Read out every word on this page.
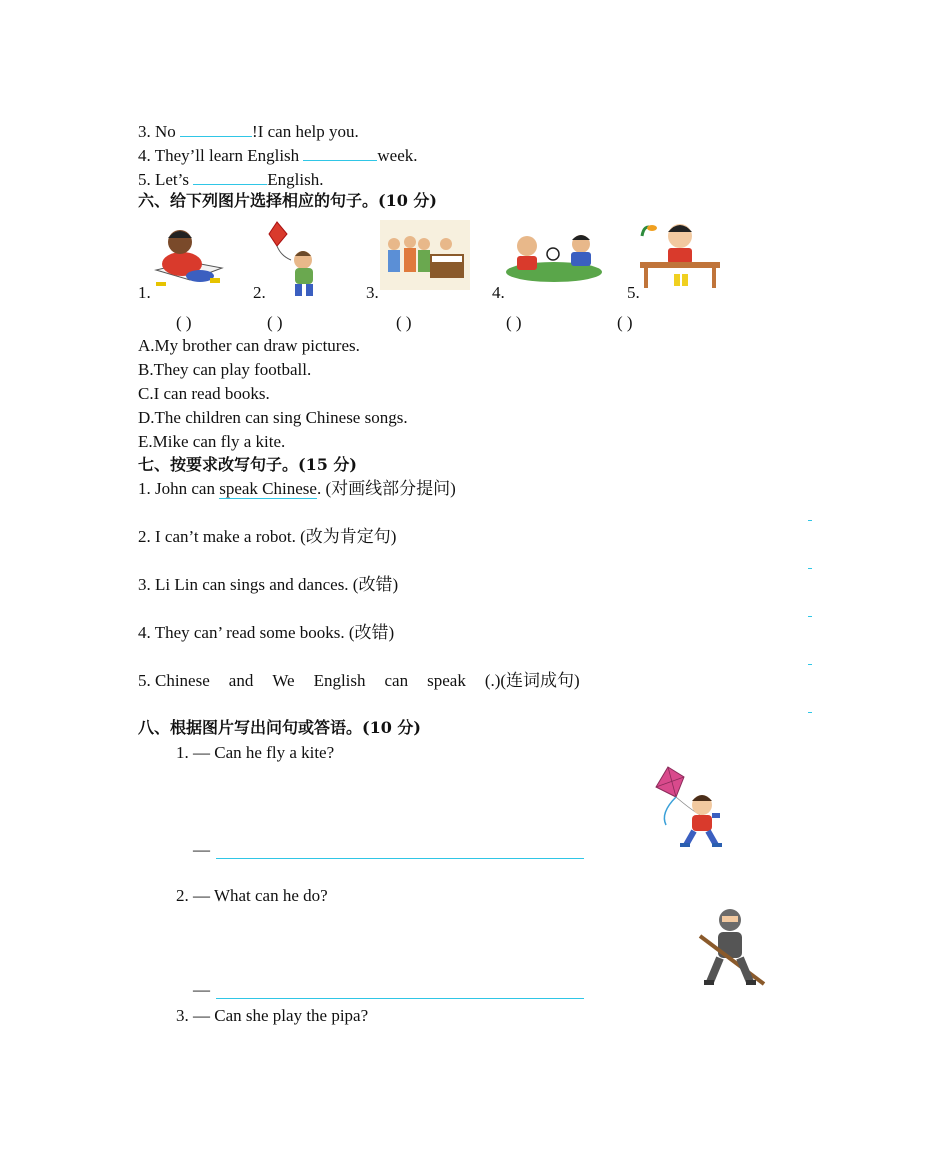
3. No	!I can help you.
4. They’ll learn English	week.
5. Let’s	English.
六、给下列图片选择相应的句子。(10 分)
1.	2.	3.	4.	5.
( )	( )	( )	( )	( )
A.My brother can draw pictures.
B.They can play football.
C.I can read books.
D.The children can sing Chinese songs.
E.Mike can fly a kite.
七、按要求改写句子。(15 分)
1. John can speak Chinese. (对画线部分提问)
2. I can’t make a robot. (改为肯定句)
3. Li Lin can sings and dances. (改错)
4. They can’ read some books. (改错)
5. Chinese and We English can speak (.)(连词成句)
八、根据图片写出问句或答语。(10 分)
1. — Can he fly a kite?
—
2. — What can he do?
—
3. — Can she play the pipa?
